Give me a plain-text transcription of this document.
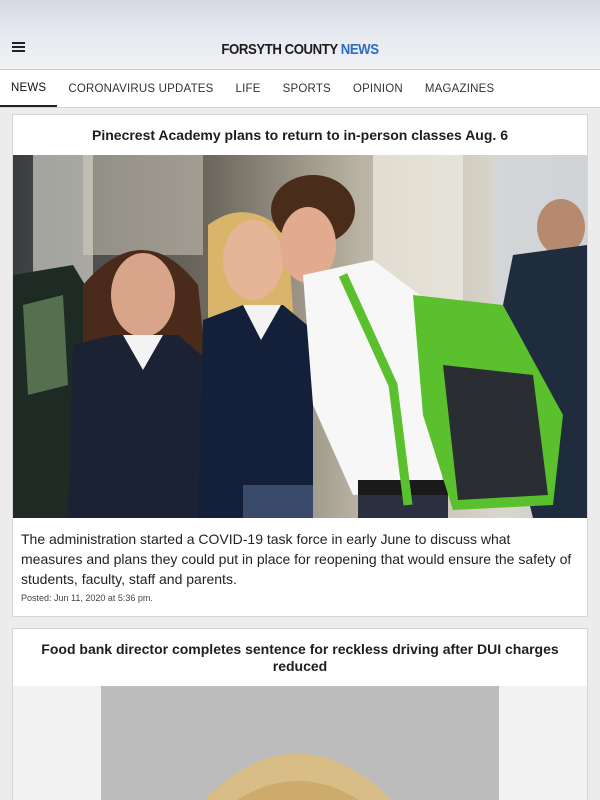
FORSYTH COUNTY NEWS
NEWS	CORONAVIRUS UPDATES	LIFE	SPORTS	OPINION	MAGAZINES
Pinecrest Academy plans to return to in-person classes Aug. 6
The administration started a COVID-19 task force in early June to discuss what measures and plans they could put in place for reopening that would ensure the safety of students, faculty, staff and parents.
Posted: Jun 11, 2020 at 5:36 pm.
Food bank director completes sentence for reckless driving after DUI charges reduced
